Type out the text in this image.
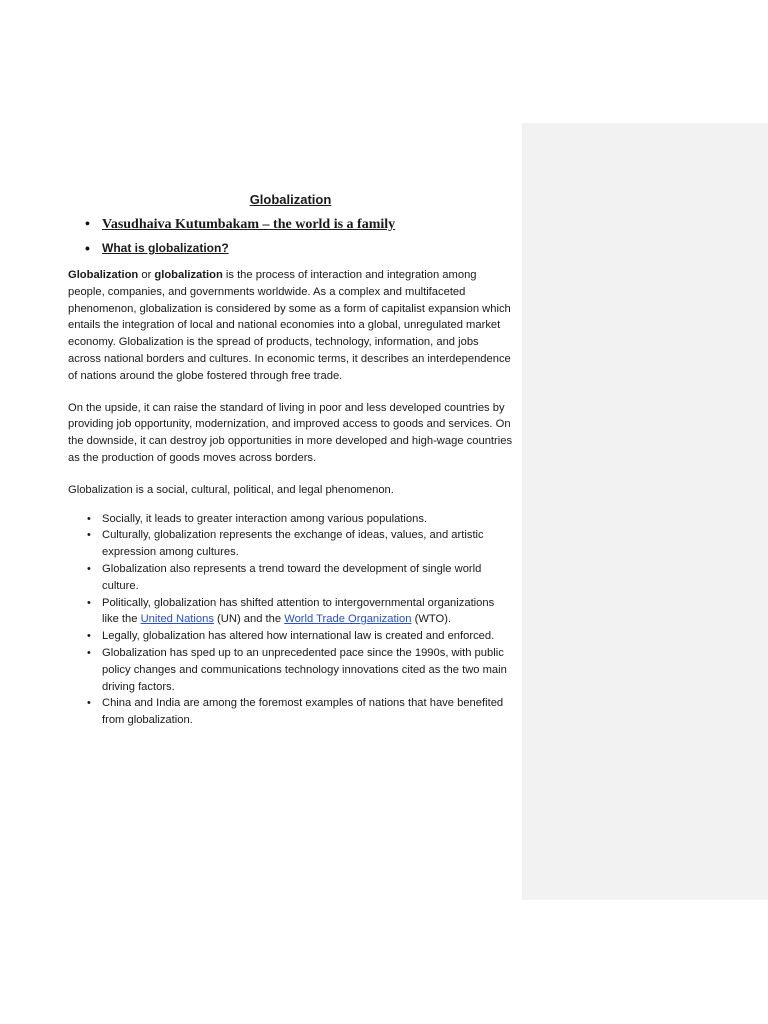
Globalization
• Vasudhaiva Kutumbakam – the world is a family
• What is globalization?

Globalization or globalization is the process of interaction and integration among people, companies, and governments worldwide. As a complex and multifaceted phenomenon, globalization is considered by some as a form of capitalist expansion which entails the integration of local and national economies into a global, unregulated market economy. Globalization is the spread of products, technology, information, and jobs across national borders and cultures. In economic terms, it describes an interdependence of nations around the globe fostered through free trade.

On the upside, it can raise the standard of living in poor and less developed countries by providing job opportunity, modernization, and improved access to goods and services. On the downside, it can destroy job opportunities in more developed and high-wage countries as the production of goods moves across borders.

Globalization is a social, cultural, political, and legal phenomenon.

• Socially, it leads to greater interaction among various populations.
• Culturally, globalization represents the exchange of ideas, values, and artistic expression among cultures.
• Globalization also represents a trend toward the development of single world culture.
• Politically, globalization has shifted attention to intergovernmental organizations like the United Nations (UN) and the World Trade Organization (WTO).
• Legally, globalization has altered how international law is created and enforced.
• Globalization has sped up to an unprecedented pace since the 1990s, with public policy changes and communications technology innovations cited as the two main driving factors.
• China and India are among the foremost examples of nations that have benefited from globalization.
